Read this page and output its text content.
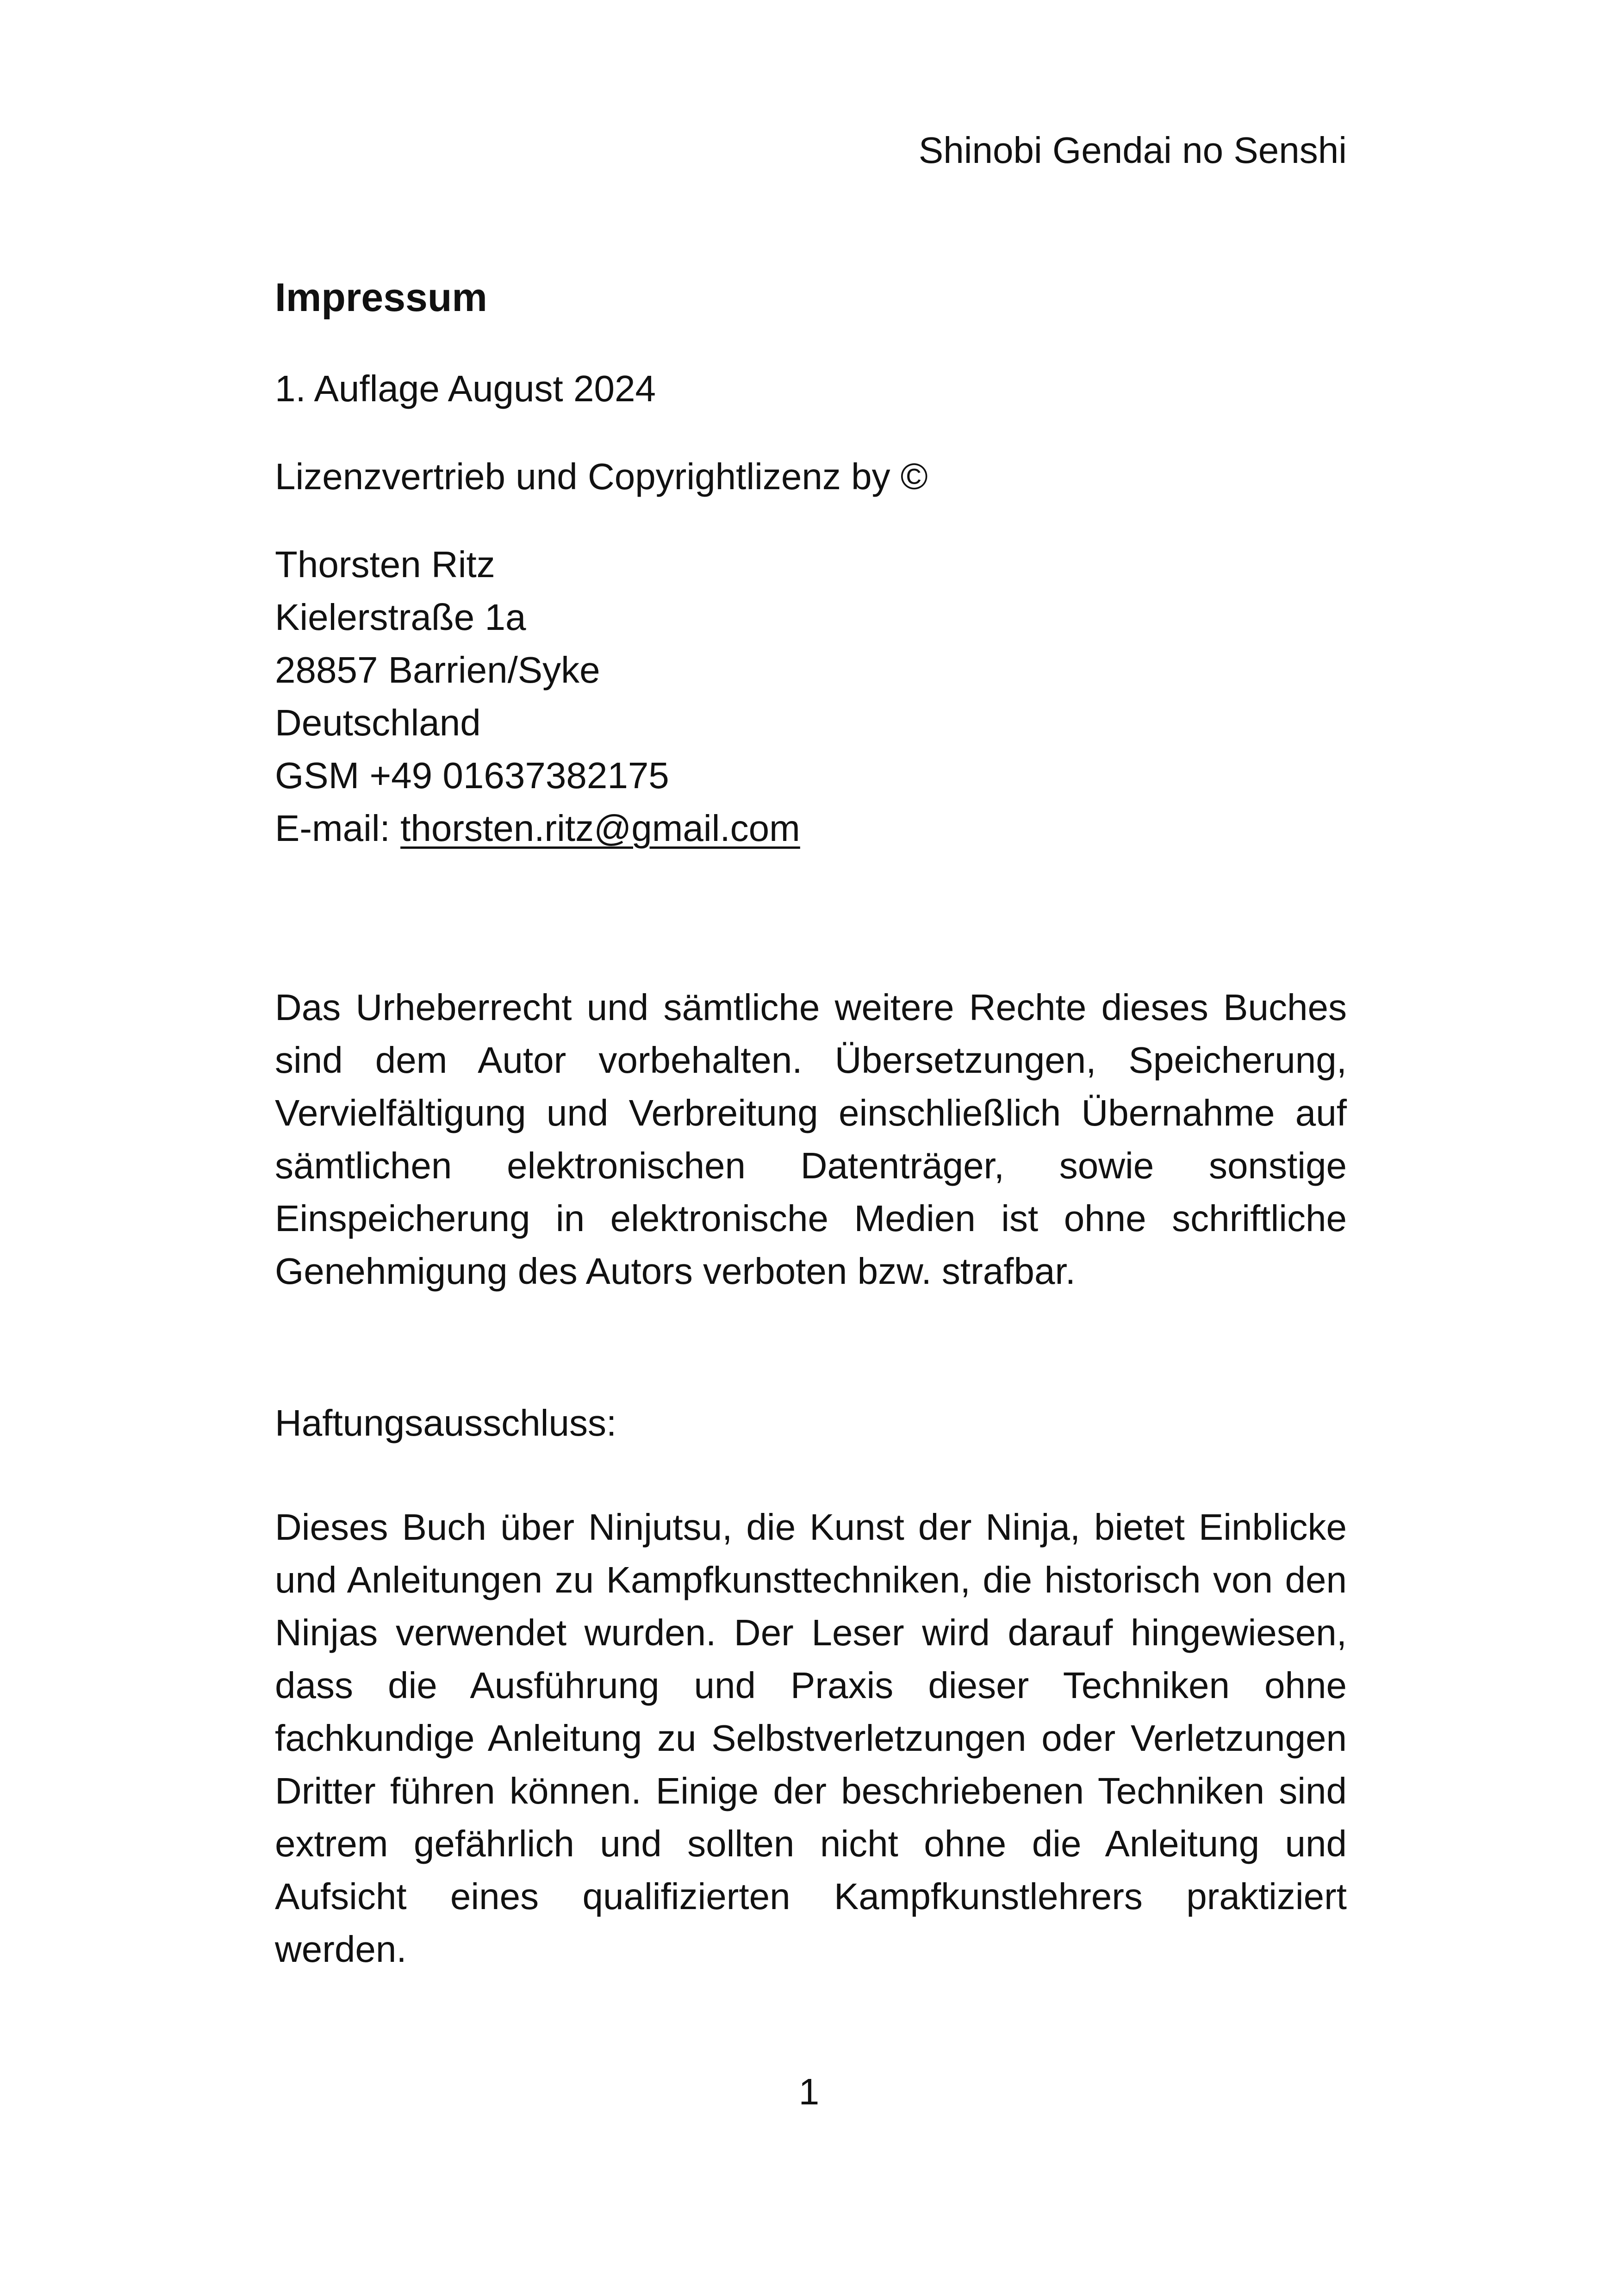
Shinobi Gendai no Senshi
Impressum
1. Auflage August 2024
Lizenzvertrieb und Copyrightlizenz by ©
Thorsten Ritz
Kielerstraße 1a
28857 Barrien/Syke
Deutschland
GSM +49 01637382175
E-mail: thorsten.ritz@gmail.com
Das Urheberrecht und sämtliche weitere Rechte dieses Buches sind dem Autor vorbehalten. Übersetzungen, Speicherung, Vervielfältigung und Verbreitung einschließlich Übernahme auf sämtlichen elektronischen Datenträger, sowie sonstige Einspeicherung in elektronische Medien ist ohne schriftliche Genehmigung des Autors verboten bzw. strafbar.
Haftungsausschluss:
Dieses Buch über Ninjutsu, die Kunst der Ninja, bietet Einblicke und Anleitungen zu Kampfkunsttechniken, die historisch von den Ninjas verwendet wurden. Der Leser wird darauf hingewiesen, dass die Ausführung und Praxis dieser Techniken ohne fachkundige Anleitung zu Selbstverletzungen oder Verletzungen Dritter führen können. Einige der beschriebenen Techniken sind extrem gefährlich und sollten nicht ohne die Anleitung und Aufsicht eines qualifizierten Kampfkunstlehrers praktiziert werden.
1
